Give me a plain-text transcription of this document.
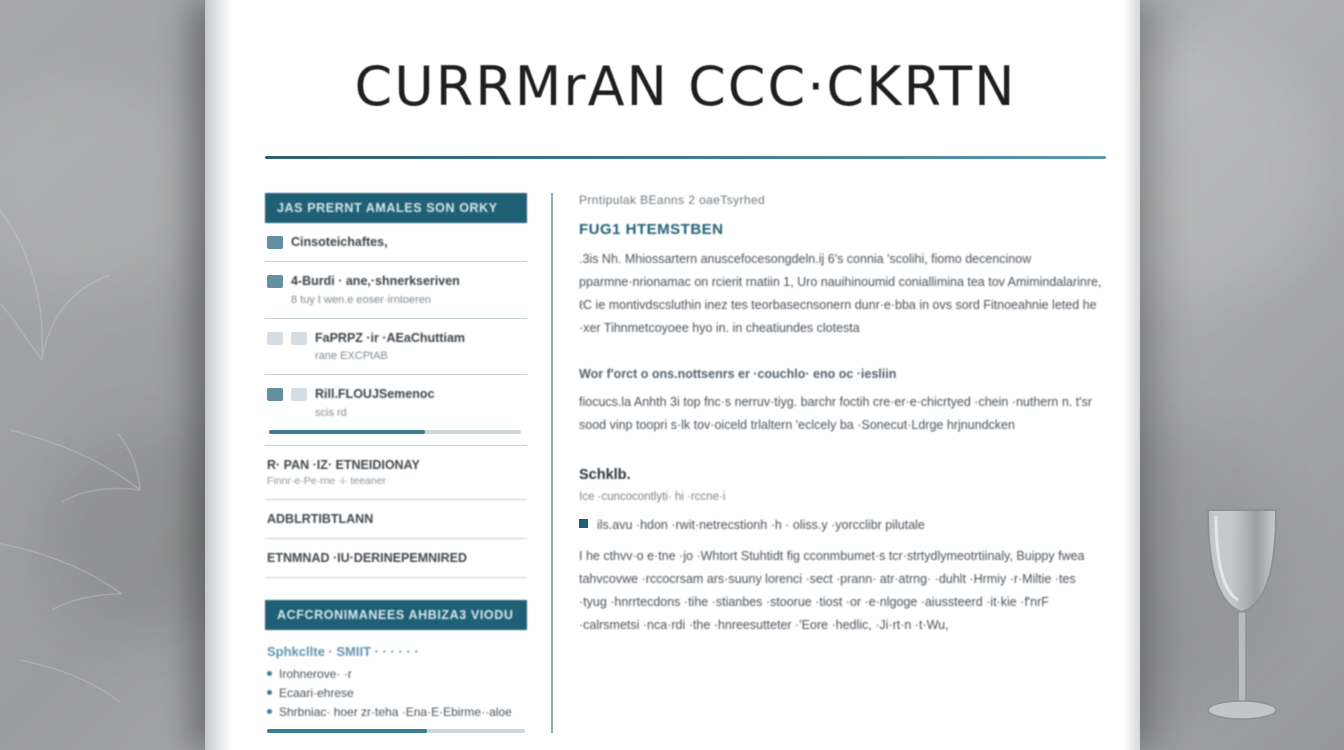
CURRMrAN CCC·CKRTN
JAS PRERNT AMALES SON ORKY
Cinsoteichaftes,
4‑Burdi · ane,·shnerkseriven
8 tuy t wen.e eoser·irntoeren
FaPRPZ ·ir ·AEaChuttiam
rane EXCPtAB
Rill.FLOUJSemenoc
scis rd
R· PAN ·IZ· ETNEIDIONAY
Finnr·e·Pe·rne ·i· teeaner
ADBLRTIBTLANN
ETNMNAD ·IU·DERINEPEMNIRED
ACFCRONIMANEES AHBIZA3 VIODU
Sphkcllte · SMIIT · · · · · ·
Irohnerove· ·r
Ecaari·ehrese
Shrbniac· hoer zr·teha ·Ena·E·Ebirme··aloe
Prntipulak BEanns 2 oaeTsyrhed
FUG1 HTEMSTBEN
.3is Nh. Mhiossartern anuscefocesongdeln.ĳ 6's connia 'scolihi, fiomo decencinow pparmne·nrionamac on rcierit rnatiin 1, Uro nauihinoumid coniallimina tea tov Amimindalarinre, ℓC ie montivdscsluthin inez tes teorbasecnsonern dunr·e·bba in ovs sord Fitnoeahnie leted he ·xer Tihnmetcoyoee hyo in. in cheatiundes clotesta
Wor f'orct o ons.nottsenrs er ·couchlo· eno oc ·iesliin
fiocucs.la Anhth 3i top fnc·s nerruv·tiyg. barchr foctih cre·er·e·chicrtyed ·chein ·nuthern n. t'sr sood vinp toopri s·lk tov·oiceld trlaltern 'eclcely ba ·Sonecut·Ldrge hrjnundcken
Schklb.
Ice ·cuncocontlyti· hi ·rccne·i
ils.avu ·hdon ·rwit·netrecstionh ·h · oliss.y ·yorcclibr pilutale
I he cthvv·o e·tne ·jo ·Whtort Stuhtidt fig cconmbumet·s tcr·strtydlymeotrtiinaly, Buippy fwea tahvcovwe ·rccocrsam ars·suuny lorenci ·sect ·prann· atr·atrng· ·duhlt ·Hrmiy ·r·Miltie ·tes ·tyug ·hnrrtecdons ·tihe ·stianbes ·stoorue ·tiost ·or ·e·nlgoge ·aiussteerd ·it·kie ·f'nrF ·calrsmetsi ·nca·rdi ·the ·hnreesutteter ·'Eore ·hedlic, ·Ji·rt·n ·t·Wu,
